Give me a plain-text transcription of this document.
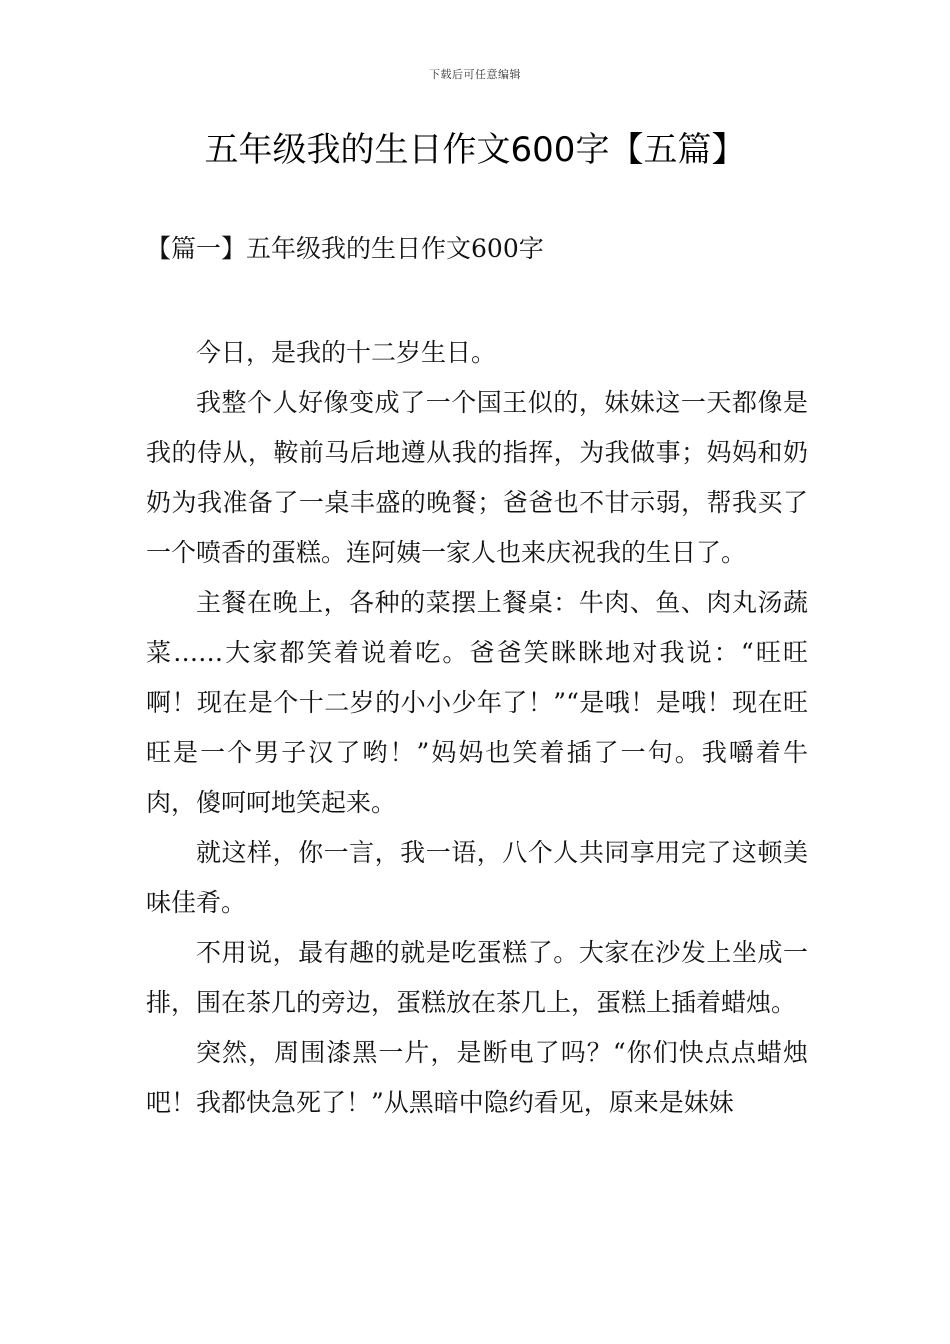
下载后可任意编辑
五年级我的生日作文600字【五篇】
【篇一】五年级我的生日作文600字

今日，是我的十二岁生日。

我整个人好像变成了一个国王似的，妹妹这一天都像是我的侍从，鞍前马后地遵从我的指挥，为我做事；妈妈和奶奶为我准备了一桌丰盛的晚餐；爸爸也不甘示弱，帮我买了一个喷香的蛋糕。连阿姨一家人也来庆祝我的生日了。

主餐在晚上，各种的菜摆上餐桌：牛肉、鱼、肉丸汤蔬菜……大家都笑着说着吃。爸爸笑眯眯地对我说：“旺旺啊！现在是个十二岁的小小少年了！”“是哦！是哦！现在旺旺是一个男子汉了哟！”妈妈也笑着插了一句。我嚼着牛肉，傻呵呵地笑起来。

就这样，你一言，我一语，八个人共同享用完了这顿美味佳肴。

不用说，最有趣的就是吃蛋糕了。大家在沙发上坐成一排，围在茶几的旁边，蛋糕放在茶几上，蛋糕上插着蜡烛。

突然，周围漆黑一片，是断电了吗？“你们快点点蜡烛吧！我都快急死了！”从黑暗中隐约看见，原来是妹妹
